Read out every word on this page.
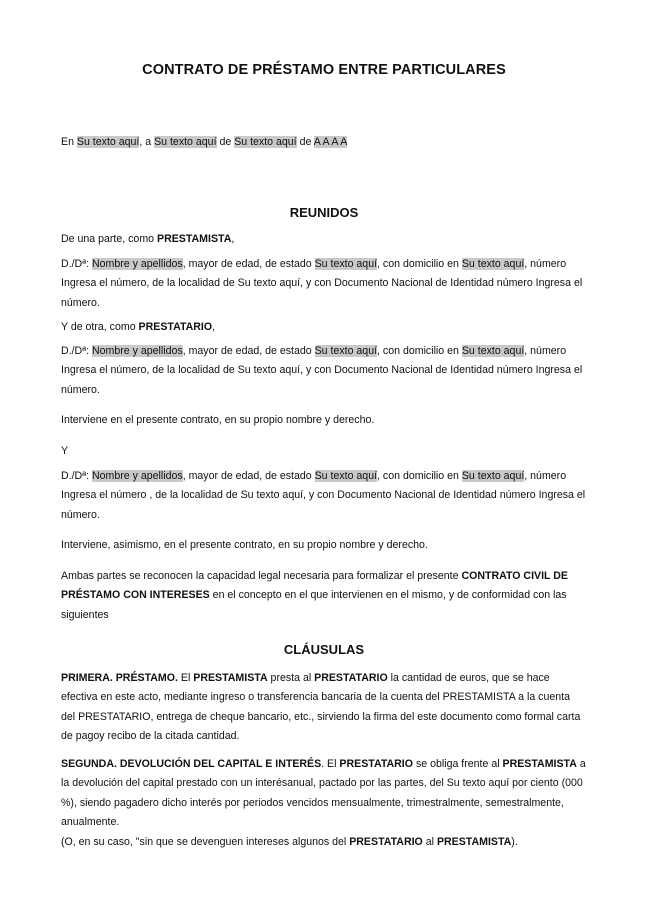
CONTRATO DE PRÉSTAMO ENTRE PARTICULARES
En Su texto aquí, a Su texto aquí de Su texto aquí de A A A A
REUNIDOS
De una parte, como PRESTAMISTA,
D./Dª: Nombre y apellidos, mayor de edad, de estado Su texto aquí, con domicilio en Su texto aquí, número Ingresa el número, de la localidad de Su texto aquí, y con Documento Nacional de Identidad número Ingresa el número.
Y de otra, como PRESTATARIO,
D./Dª: Nombre y apellidos, mayor de edad, de estado Su texto aquí, con domicilio en Su texto aquí, número Ingresa el número, de la localidad de Su texto aquí, y con Documento Nacional de Identidad número Ingresa el número.
Interviene en el presente contrato, en su propio nombre y derecho.
Y
D./Dª: Nombre y apellidos, mayor de edad, de estado Su texto aquí, con domicilio en Su texto aquí, número Ingresa el número , de la localidad de Su texto aquí, y con Documento Nacional de Identidad número Ingresa el número.
Interviene, asimismo, en el presente contrato, en su propio nombre y derecho.
Ambas partes se reconocen la capacidad legal necesaria para formalizar el presente CONTRATO CIVIL DE PRÉSTAMO CON INTERESES en el concepto en el que intervienen en el mismo, y de conformidad con las siguientes
CLÁUSULAS
PRIMERA. PRÉSTAMO. El PRESTAMISTA presta al PRESTATARIO la cantidad de euros, que se hace efectiva en este acto, mediante ingreso o transferencia bancaria de la cuenta del PRESTAMISTA a la cuenta del PRESTATARIO, entrega de cheque bancario, etc., sirviendo la firma del este documento como formal carta de pagoy recibo de la citada cantidad.
SEGUNDA. DEVOLUCIÓN DEL CAPITAL E INTERÉS. El PRESTATARIO se obliga frente al PRESTAMISTA a la devolución del capital prestado con un interésanual, pactado por las partes, del Su texto aquí por ciento (000 %), siendo pagadero dicho interés por periodos vencidos mensualmente, trimestralmente, semestralmente, anualmente.
(O, en su caso, "sin que se devenguen intereses algunos del PRESTATARIO al PRESTAMISTA).
